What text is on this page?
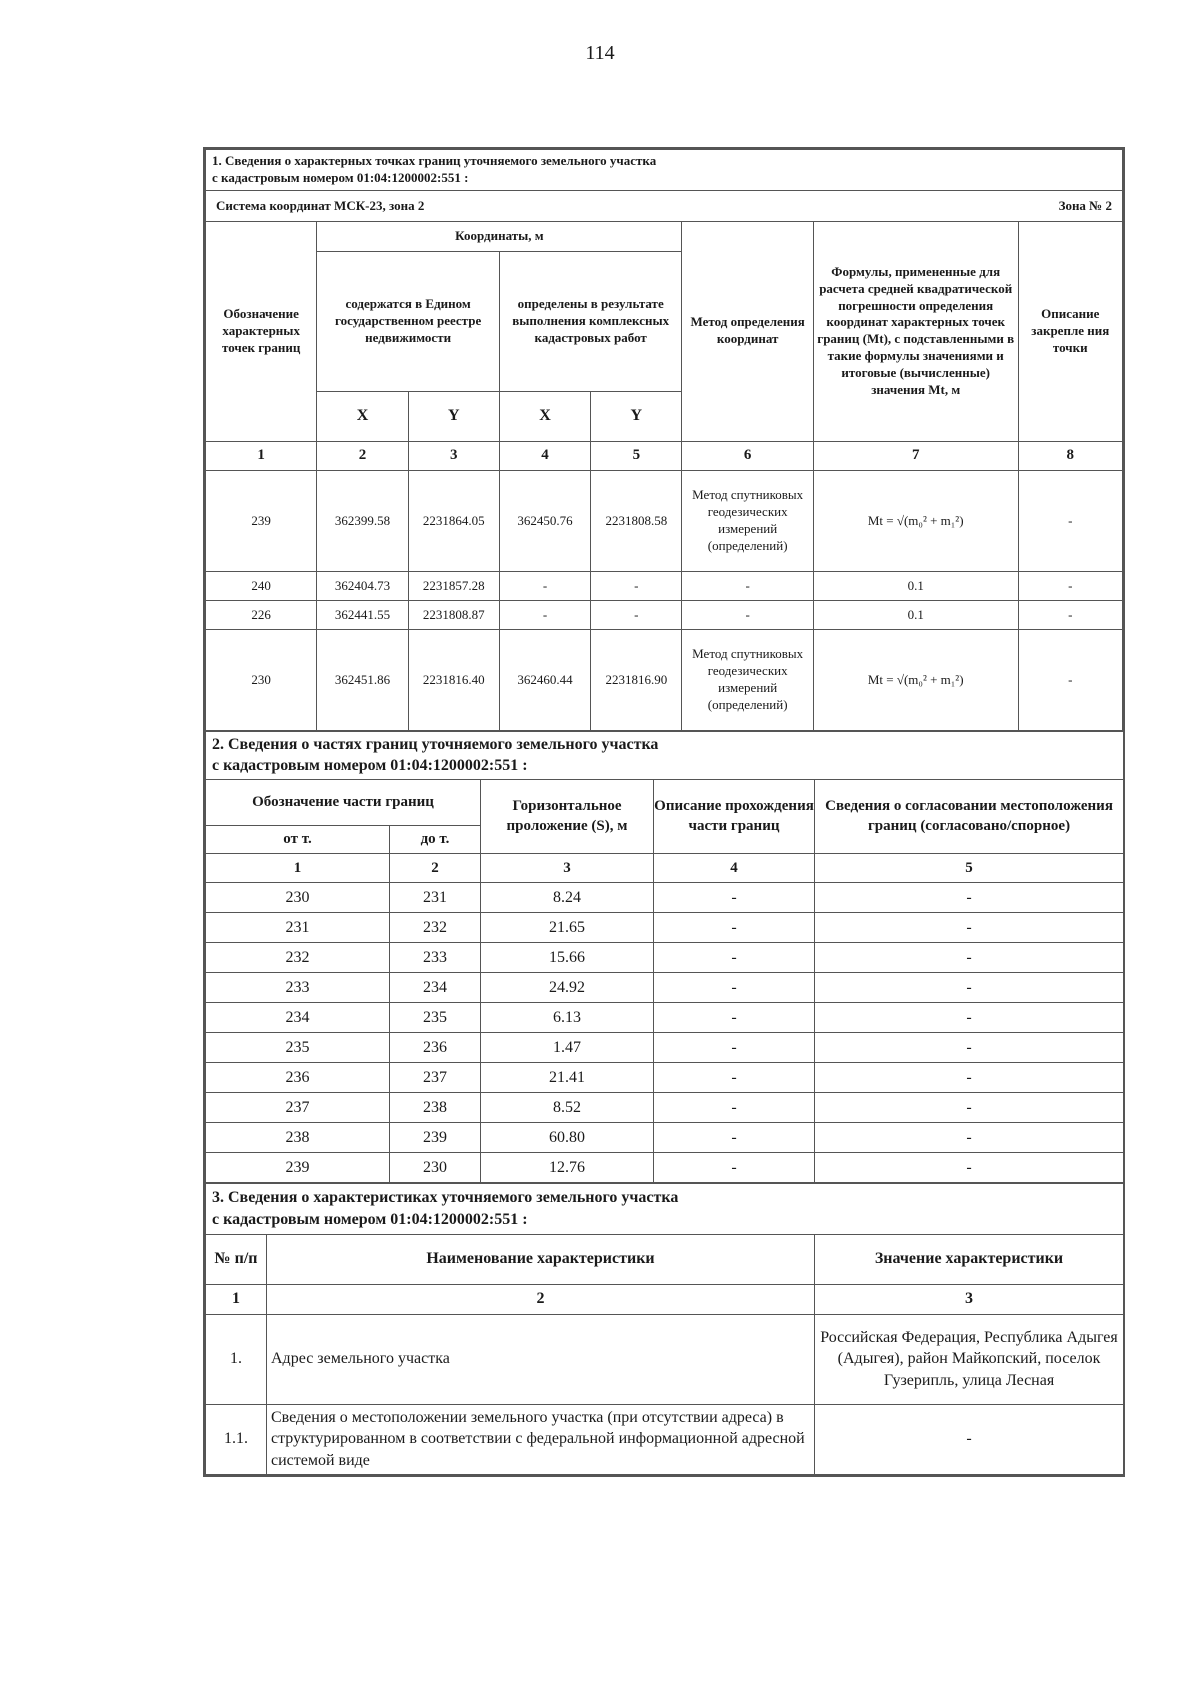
114
1. Сведения о характерных точках границ уточняемого земельного участка
с кадастровым номером 01:04:1200002:551 :							

Система координат МСК-23, зона 2 Зона № 2							

Обозначение характерных точек границ	Координаты, м				Метод определения координат	Формулы, примененные для расчета средней квадратической погрешности определения координат характерных точек границ (Mt), с подставленными в такие формулы значениями и итоговые (вычисленные) значения Mt, м	Описание закрепле ния точки
	содержатся в Едином государственном реестре недвижимости		определены в результате выполнения комплексных кадастровых работ				
	X	Y	X	Y			
1	2	3	4	5	6	7	8
239	362399.58	2231864.05	362450.76	2231808.58	Метод спутниковых геодезических измерений (определений)	Mt = √(m₀² + m₁²)	-
240	362404.73	2231857.28	-	-	-	0.1	-
226	362441.55	2231808.87	-	-	-	0.1	-
230	362451.86	2231816.40	362460.44	2231816.90	Метод спутниковых геодезических измерений (определений)	Mt = √(m₀² + m₁²)	-
2. Сведения о частях границ уточняемого земельного участка
с кадастровым номером 01:04:1200002:551 :				

Обозначение части границ		Горизонтальное проложение (S), м	Описание прохождения части границ	Сведения о согласовании местоположения границ (согласовано/спорное)
от т.	до т.			
1	2	3	4	5
230	231	8.24	-	-
231	232	21.65	-	-
232	233	15.66	-	-
233	234	24.92	-	-
234	235	6.13	-	-
235	236	1.47	-	-
236	237	21.41	-	-
237	238	8.52	-	-
238	239	60.80	-	-
239	230	12.76	-	-
3. Сведения о характеристиках уточняемого земельного участка
с кадастровым номером 01:04:1200002:551 :		

№ п/п	Наименование характеристики	Значение характеристики
1	2	3
1.	Адрес земельного участка	Российская Федерация, Республика Адыгея (Адыгея), район Майкопский, поселок Гузерипль, улица Лесная
1.1.	Сведения о местоположении земельного участка (при отсутствии адреса) в структурированном в соответствии с федеральной информационной адресной системой виде	-
